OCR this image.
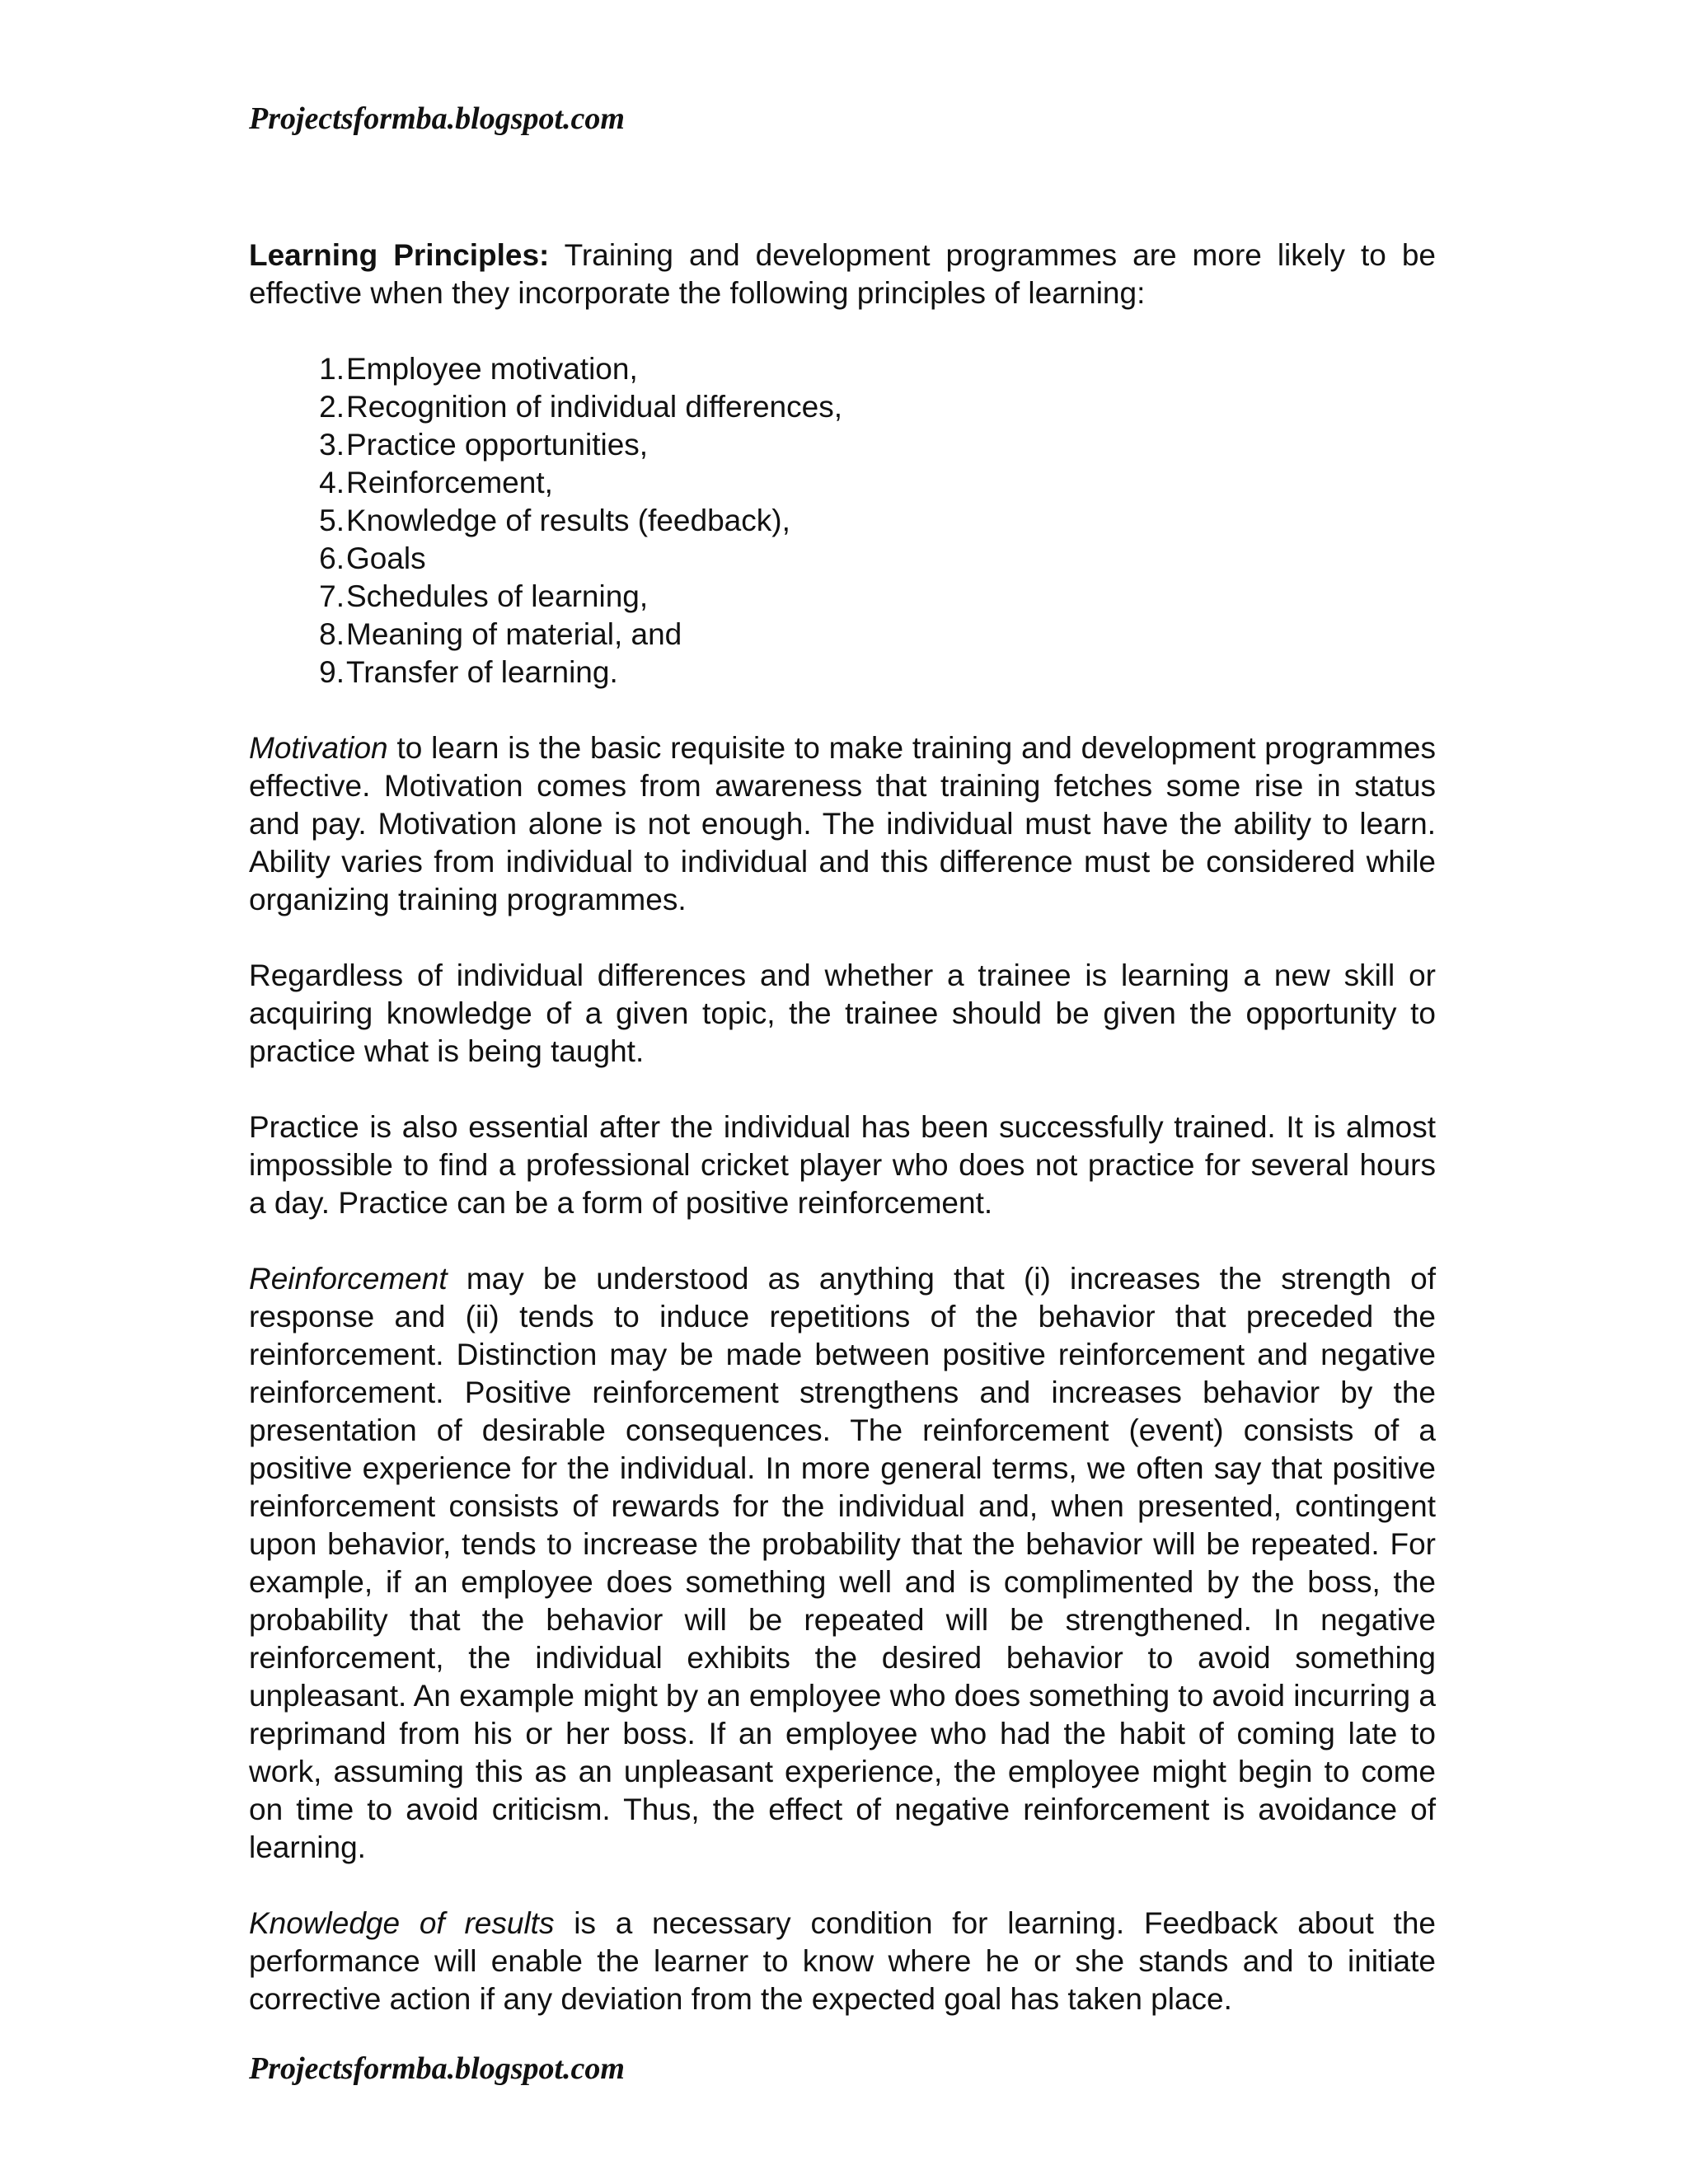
Projectsformba.blogspot.com

Learning Principles: Training and development programmes are more likely to be effective when they incorporate the following principles of learning:

1. Employee motivation,
2. Recognition of individual differences,
3. Practice opportunities,
4. Reinforcement,
5. Knowledge of results (feedback),
6. Goals
7. Schedules of learning,
8. Meaning of material, and
9. Transfer of learning.

Motivation to learn is the basic requisite to make training and development programmes effective. Motivation comes from awareness that training fetches some rise in status and pay. Motivation alone is not enough. The individual must have the ability to learn. Ability varies from individual to individual and this difference must be considered while organizing training programmes.

Regardless of individual differences and whether a trainee is learning a new skill or acquiring knowledge of a given topic, the trainee should be given the opportunity to practice what is being taught.

Practice is also essential after the individual has been successfully trained. It is almost impossible to find a professional cricket player who does not practice for several hours a day. Practice can be a form of positive reinforcement.

Reinforcement may be understood as anything that (i) increases the strength of response and (ii) tends to induce repetitions of the behavior that preceded the reinforcement. Distinction may be made between positive reinforcement and negative reinforcement. Positive reinforcement strengthens and increases behavior by the presentation of desirable consequences. The reinforcement (event) consists of a positive experience for the individual. In more general terms, we often say that positive reinforcement consists of rewards for the individual and, when presented, contingent upon behavior, tends to increase the probability that the behavior will be repeated. For example, if an employee does something well and is complimented by the boss, the probability that the behavior will be repeated will be strengthened. In negative reinforcement, the individual exhibits the desired behavior to avoid something unpleasant. An example might by an employee who does something to avoid incurring a reprimand from his or her boss. If an employee who had the habit of coming late to work, assuming this as an unpleasant experience, the employee might begin to come on time to avoid criticism. Thus, the effect of negative reinforcement is avoidance of learning.

Knowledge of results is a necessary condition for learning. Feedback about the performance will enable the learner to know where he or she stands and to initiate corrective action if any deviation from the expected goal has taken place.

Projectsformba.blogspot.com
